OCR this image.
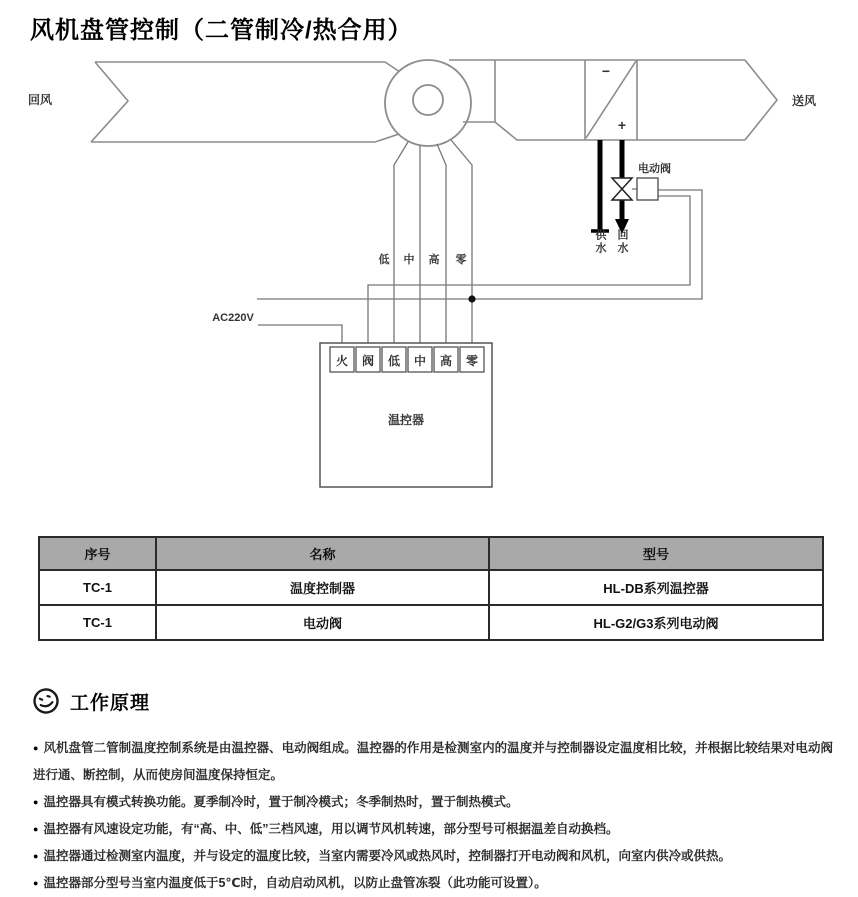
风机盘管控制（二管制冷/热合用）
火 阀 低 中 高 零
温控器
回风	送风
−
+
电动阀
供水 回水
AC220V
低 中 高 零
序号	名称	型号
TC-1	温度控制器	HL-DB系列温控器
TC-1	电动阀	HL-G2/G3系列电动阀
工作原理
● 风机盘管二管制温度控制系统是由温控器、电动阀组成。温控器的作用是检测室内的温度并与控制器设定温度相比较，并根据比较结果对电动阀进行通、断控制，从而使房间温度保持恒定。
● 温控器具有模式转换功能。夏季制冷时，置于制冷模式；冬季制热时，置于制热模式。
● 温控器有风速设定功能，有“高、中、低”三档风速，用以调节风机转速，部分型号可根据温差自动换档。
● 温控器通过检测室内温度，并与设定的温度比较，当室内需要冷风或热风时，控制器打开电动阀和风机，向室内供冷或供热。
● 温控器部分型号当室内温度低于5℃时，自动启动风机，以防止盘管冻裂（此功能可设置）。
